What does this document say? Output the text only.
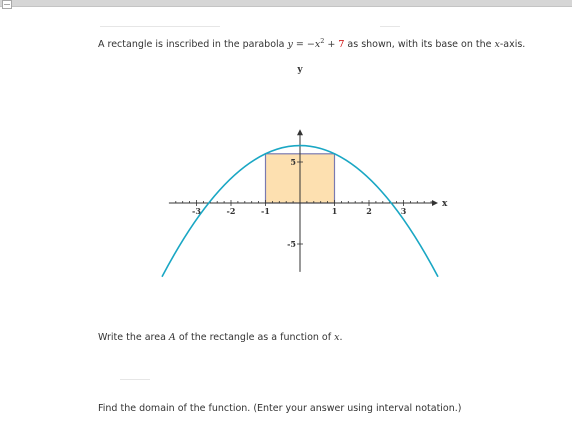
A rectangle is inscribed in the parabola $y = -x^2 + 7$ as shown, with its base on the x-axis.
-3	-2	-1	1	2	3
5
-5
y
x
Write the area A of the rectangle as a function of x.
Find the domain of the function. (Enter your answer using interval notation.)
